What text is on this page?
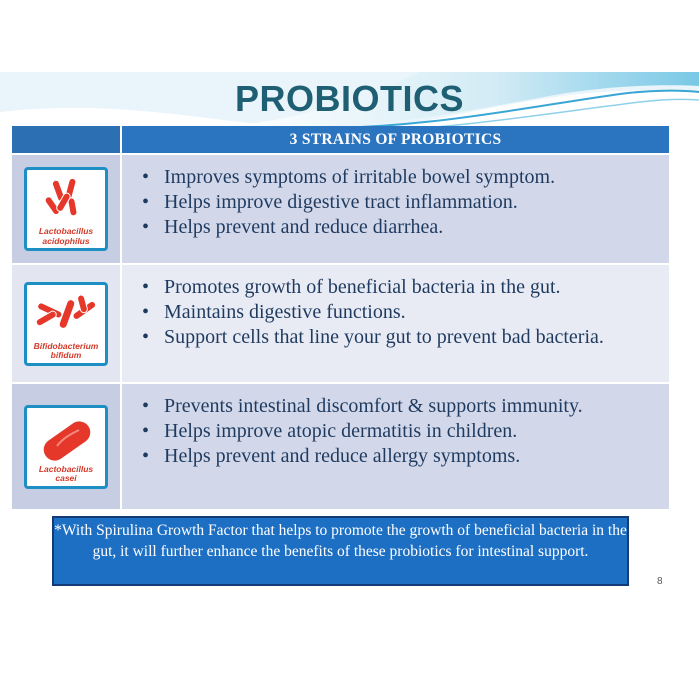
PROBIOTICS
3 STRAINS OF PROBIOTICS
Lactobacillus
acidophilus
• Improves symptoms of irritable bowel symptom.
• Helps improve digestive tract inflammation.
• Helps prevent and reduce diarrhea.
Bifidobacterium
bifidum
• Promotes growth of beneficial bacteria in the gut.
• Maintains digestive functions.
• Support cells that line your gut to prevent bad bacteria.
Lactobacillus
casei
• Prevents intestinal discomfort & supports immunity.
• Helps improve atopic dermatitis in children.
• Helps prevent and reduce allergy symptoms.
*With Spirulina Growth Factor that helps to promote the growth of beneficial bacteria in the gut, it will further enhance the benefits of these probiotics for intestinal support.
8
